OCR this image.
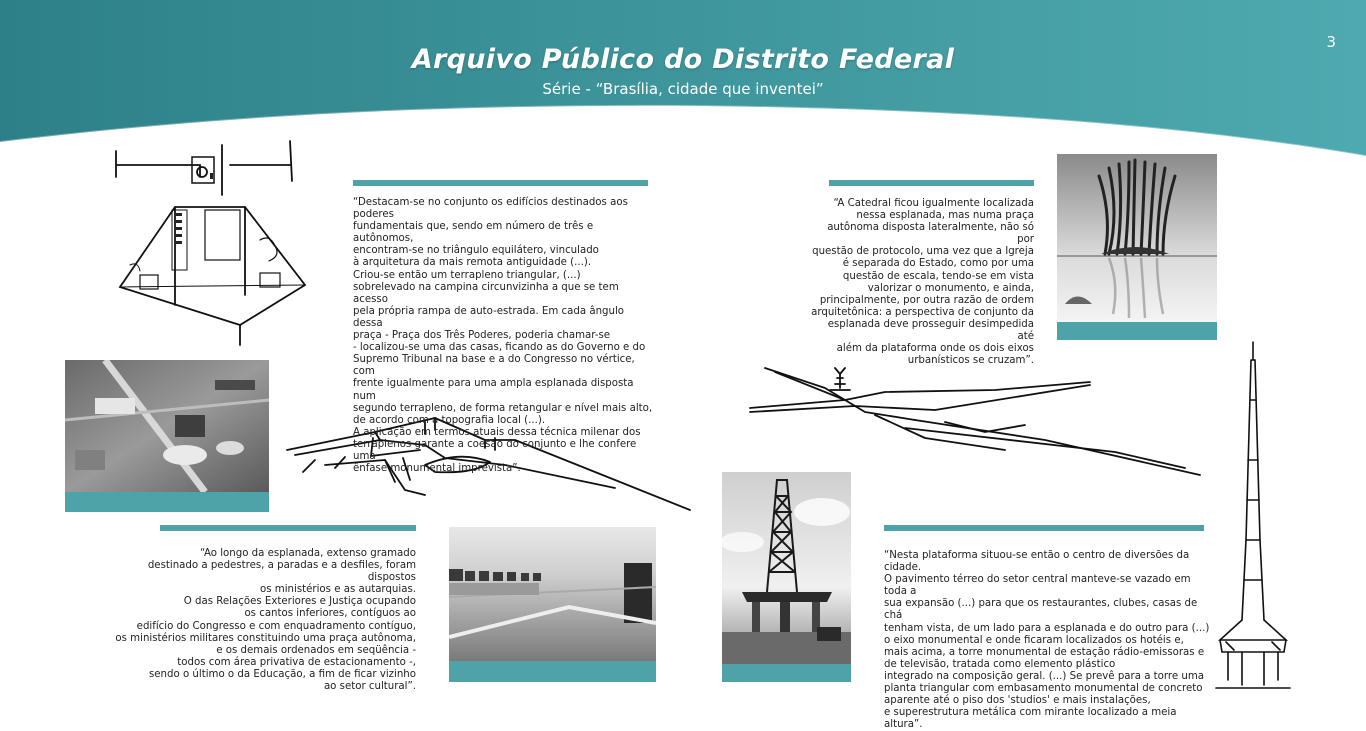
Arquivo Público do Distrito Federal
Série - “Brasília, cidade que inventei”
3
“Destacam-se no conjunto os edifícios destinados aos poderes
fundamentais que, sendo em número de três e autônomos,
encontram-se no triângulo equilátero, vinculado
à arquitetura da mais remota antiguidade (...).
Criou-se então um terrapleno triangular, (...)
sobrelevado na campina circunvizinha a que se tem acesso
pela própria rampa de auto-estrada. Em cada ângulo dessa
praça - Praça dos Três Poderes, poderia chamar-se
- localizou-se uma das casas, ficando as do Governo e do
Supremo Tribunal na base e a do Congresso no vértice, com
frente igualmente para uma ampla esplanada disposta num
segundo terrapleno, de forma retangular e nível mais alto,
de acordo com a topografia local (...).
A aplicação em termos atuais dessa técnica milenar dos
terraplenos garante a coesão do conjunto e lhe confere uma
ênfase monumental imprevista”.
“A Catedral ficou igualmente localizada
nessa esplanada, mas numa praça
autônoma disposta lateralmente, não só por
questão de protocolo, uma vez que a Igreja
é separada do Estado, como por uma
questão de escala, tendo-se em vista
valorizar o monumento, e ainda,
principalmente, por outra razão de ordem
arquitetônica: a perspectiva de conjunto da
esplanada deve prosseguir desimpedida até
além da plataforma onde os dois eixos
urbanísticos se cruzam”.
“Ao longo da esplanada, extenso gramado
destinado a pedestres, a paradas e a desfiles, foram dispostos
os ministérios e as autarquias.
O das Relações Exteriores e Justiça ocupando
os cantos inferiores, contíguos ao
edifício do Congresso e com enquadramento contíguo,
os ministérios militares constituindo uma praça autônoma,
e os demais ordenados em seqüência -
todos com área privativa de estacionamento -,
sendo o último o da Educação, a fim de ficar vizinho
ao setor cultural”.
“Nesta plataforma situou-se então o centro de diversões da cidade.
O pavimento térreo do setor central manteve-se vazado em toda a
sua expansão (...) para que os restaurantes, clubes, casas de chá
tenham vista, de um lado para a esplanada e do outro para (...)
o eixo monumental e onde ficaram localizados os hotéis e,
mais acima, a torre monumental de estação rádio-emissoras e
de televisão, tratada como elemento plástico
integrado na composição geral. (...) Se prevê para a torre uma
planta triangular com embasamento monumental de concreto
aparente até o piso dos 'studios' e mais instalações,
e superestrutura metálica com mirante localizado a meia altura”.
